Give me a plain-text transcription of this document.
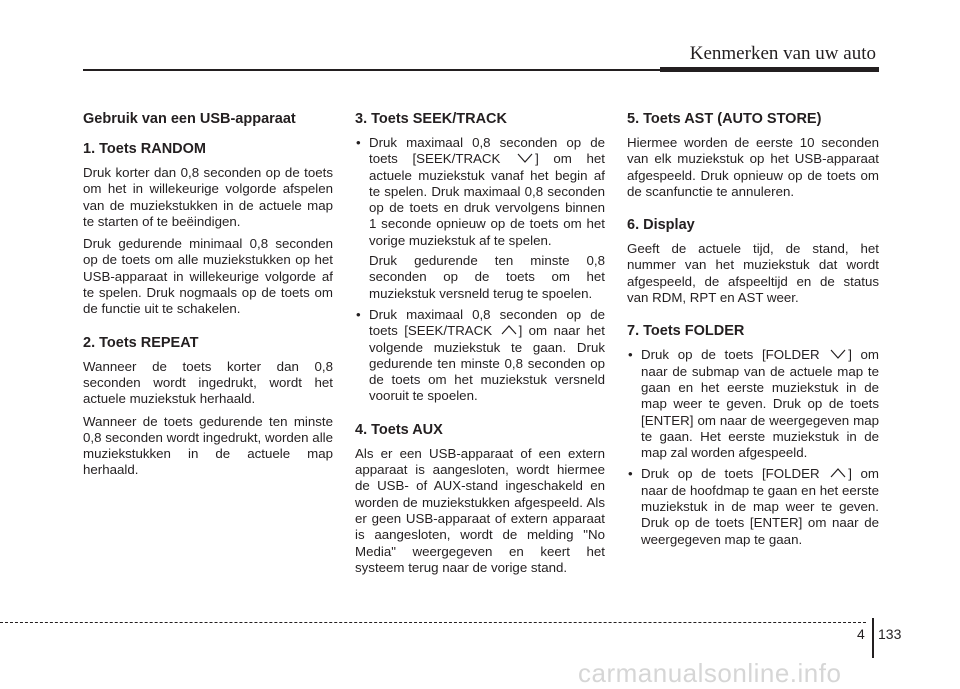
Kenmerken van uw auto
Gebruik van een USB-apparaat
1. Toets RANDOM

Druk korter dan 0,8 seconden op de toets om het in willekeurige volgorde afspelen van de muziekstukken in de actuele map te starten of te beëindigen.

Druk gedurende minimaal 0,8 seconden op de toets om alle muziekstukken op het USB-apparaat in willekeurige volgorde af te spelen. Druk nogmaals op de toets om de functie uit te schakelen.

2. Toets REPEAT

Wanneer de toets korter dan 0,8 seconden wordt ingedrukt, wordt het actuele muziekstuk herhaald.

Wanneer de toets gedurende ten minste 0,8 seconden wordt ingedrukt, worden alle muziekstukken in de actuele map herhaald.

3. Toets SEEK/TRACK
• Druk maximaal 0,8 seconden op de toets [SEEK/TRACK	] om het actuele muziekstuk vanaf het begin af te spelen. Druk maximaal 0,8 seconden op de toets en druk vervolgens binnen 1 seconde opnieuw op de toets om het vorige muziekstuk af te spelen.
Druk gedurende ten minste 0,8 seconden op de toets om het muziekstuk versneld terug te spoelen.
• Druk maximaal 0,8 seconden op de toets [SEEK/TRACK ] om naar het volgende muziekstuk te gaan. Druk gedurende ten minste 0,8 seconden op de toets om het muziekstuk versneld vooruit te spoelen.
4. Toets AUX

Als er een USB-apparaat of een extern apparaat is aangesloten, wordt hiermee de USB- of AUX-stand ingeschakeld en worden de muziekstukken afgespeeld. Als er geen USB-apparaat of extern apparaat is aangesloten, wordt de melding "No Media" weergegeven en keert het systeem terug naar de vorige stand.

5. Toets AST (AUTO STORE)

Hiermee worden de eerste 10 seconden van elk muziekstuk op het USB-apparaat afgespeeld. Druk opnieuw op de toets om de scanfunctie te annuleren.

6. Display

Geeft de actuele tijd, de stand, het nummer van het muziekstuk dat wordt afgespeeld, de afspeeltijd en de status van RDM, RPT en AST weer.

7. Toets FOLDER
• Druk op de toets [FOLDER ] om naar de submap van de actuele map te gaan en het eerste muziekstuk in de map weer te geven. Druk op de toets [ENTER] om naar de weergegeven map te gaan. Het eerste muziekstuk in de map zal worden afgespeeld.
• Druk op de toets [FOLDER ] om naar de hoofdmap te gaan en het eerste muziekstuk in de map weer te geven. Druk op de toets [ENTER] om naar de weergegeven map te gaan.
4 133
carmanualsonline.info
